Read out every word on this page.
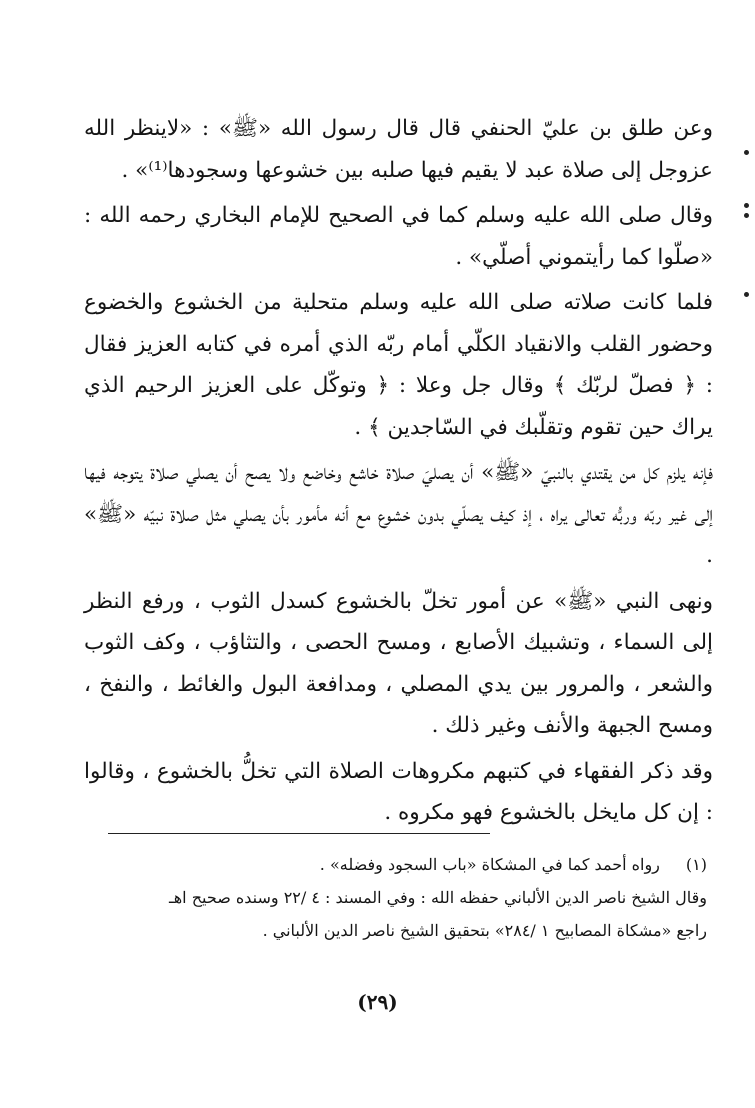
وعن طلق بن عليّ الحنفي قال قال رسول الله «ﷺ» : «لاينظر الله عزوجل إلى صلاة عبد لا يقيم فيها صلبه بين خشوعها وسجودها⁽¹⁾» .

وقال صلى الله عليه وسلم كما في الصحيح للإمام البخاري رحمه الله : «صلّوا كما رأيتموني أصلّي» .

فلما كانت صلاته صلى الله عليه وسلم متحلية من الخشوع والخضوع وحضور القلب والانقياد الكلّي أمام ربّه الذي أمره في كتابه العزيز فقال : ﴿ فصلّ لربّك ﴾ وقال جل وعلا : ﴿ وتوكّل على العزيز الرحيم الذي يراك حين تقوم وتقلّبك في السّاجدين ﴾ .

فإنه يلزم كل من يقتدي بالنبيّ «ﷺ» أن يصليَ صلاة خاشع وخاضع ولا يصح أن يصلي صلاة يتوجه فيها إلى غير ربّه وربُّه تعالى يراه ، إذ كيف يصلّي بدون خشوع مع أنه مأمور بأن يصلي مثل صلاة نبيّه «ﷺ» .

ونهى النبي «ﷺ» عن أمور تخلّ بالخشوع كسدل الثوب ، ورفع النظر إلى السماء ، وتشبيك الأصابع ، ومسح الحصى ، والتثاؤب ، وكف الثوب والشعر ، والمرور بين يدي المصلي ، ومدافعة البول والغائط ، والنفخ ، ومسح الجبهة والأنف وغير ذلك .

وقد ذكر الفقهاء في كتبهم مكروهات الصلاة التي تخلُّ بالخشوع ، وقالوا : إن كل مايخل بالخشوع فهو مكروه .

(١)رواه أحمد كما في المشكاة «باب السجود وفضله» .

وقال الشيخ ناصر الدين الألباني حفظه الله : وفي المسند : ٤ /٢٢ وسنده صحيح اهـ

راجع «مشكاة المصابيح ١ /٢٨٤» بتحقيق الشيخ ناصر الدين الألباني .

(٢٩)
